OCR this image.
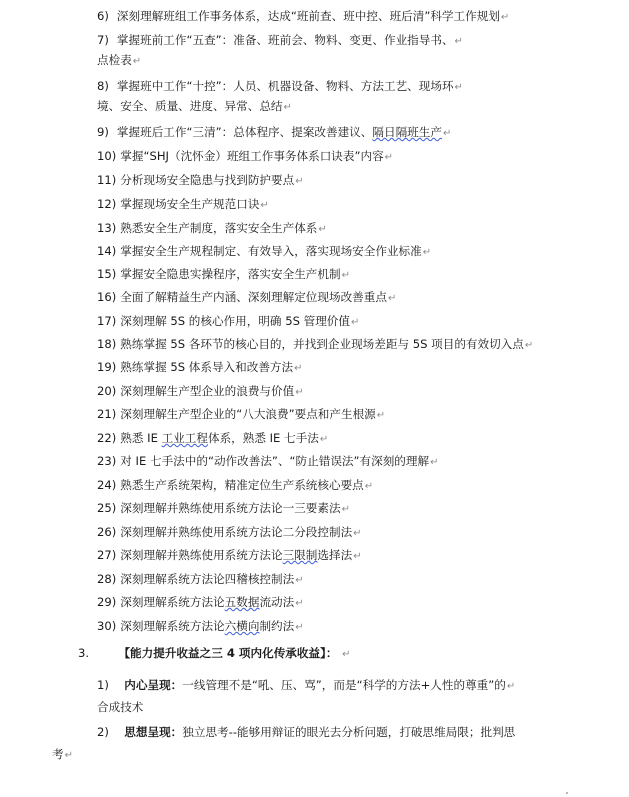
6) 深刻理解班组工作事务体系，达成“班前查、班中控、班后清”科学工作规划↵
7) 掌握班前工作“五查”：准备、班前会、物料、变更、作业指导书、↵
点检表↵
8) 掌握班中工作“十控”：人员、机器设备、物料、方法工艺、现场环↵
境、安全、质量、进度、异常、总结↵
9) 掌握班后工作“三清”：总体程序、提案改善建议、隔日隔班生产↵
10) 掌握“SHJ（沈怀金）班组工作事务体系口诀表”内容↵
11) 分析现场安全隐患与找到防护要点↵
12) 掌握现场安全生产规范口诀↵
13) 熟悉安全生产制度，落实安全生产体系↵
14) 掌握安全生产规程制定、有效导入，落实现场安全作业标准↵
15) 掌握安全隐患实操程序，落实安全生产机制↵
16) 全面了解精益生产内涵、深刻理解定位现场改善重点↵
17) 深刻理解 5S 的核心作用，明确 5S 管理价值↵
18) 熟练掌握 5S 各环节的核心目的，并找到企业现场差距与 5S 项目的有效切入点↵
19) 熟练掌握 5S 体系导入和改善方法↵
20) 深刻理解生产型企业的浪费与价值↵
21) 深刻理解生产型企业的“八大浪费”要点和产生根源↵
22) 熟悉 IE 工业工程体系，熟悉 IE 七手法↵
23) 对 IE 七手法中的“动作改善法”、“防止错误法”有深刻的理解↵
24) 熟悉生产系统架构，精准定位生产系统核心要点↵
25) 深刻理解并熟练使用系统方法论一三要素法↵
26) 深刻理解并熟练使用系统方法论二分段控制法↵
27) 深刻理解并熟练使用系统方法论三限制选择法↵
28) 深刻理解系统方法论四稽核控制法↵
29) 深刻理解系统方法论五数据流动法↵
30) 深刻理解系统方法论六横向制约法↵
3.	【能力提升收益之三 4 项内化传承收益】： ↵
1) 内心呈现：一线管理不是“吼、压、骂”，而是“科学的方法+人性的尊重”的↵
合成技术
2) 思想呈现：独立思考--能够用辩证的眼光去分析问题，打破思维局限；批判思
考↵
